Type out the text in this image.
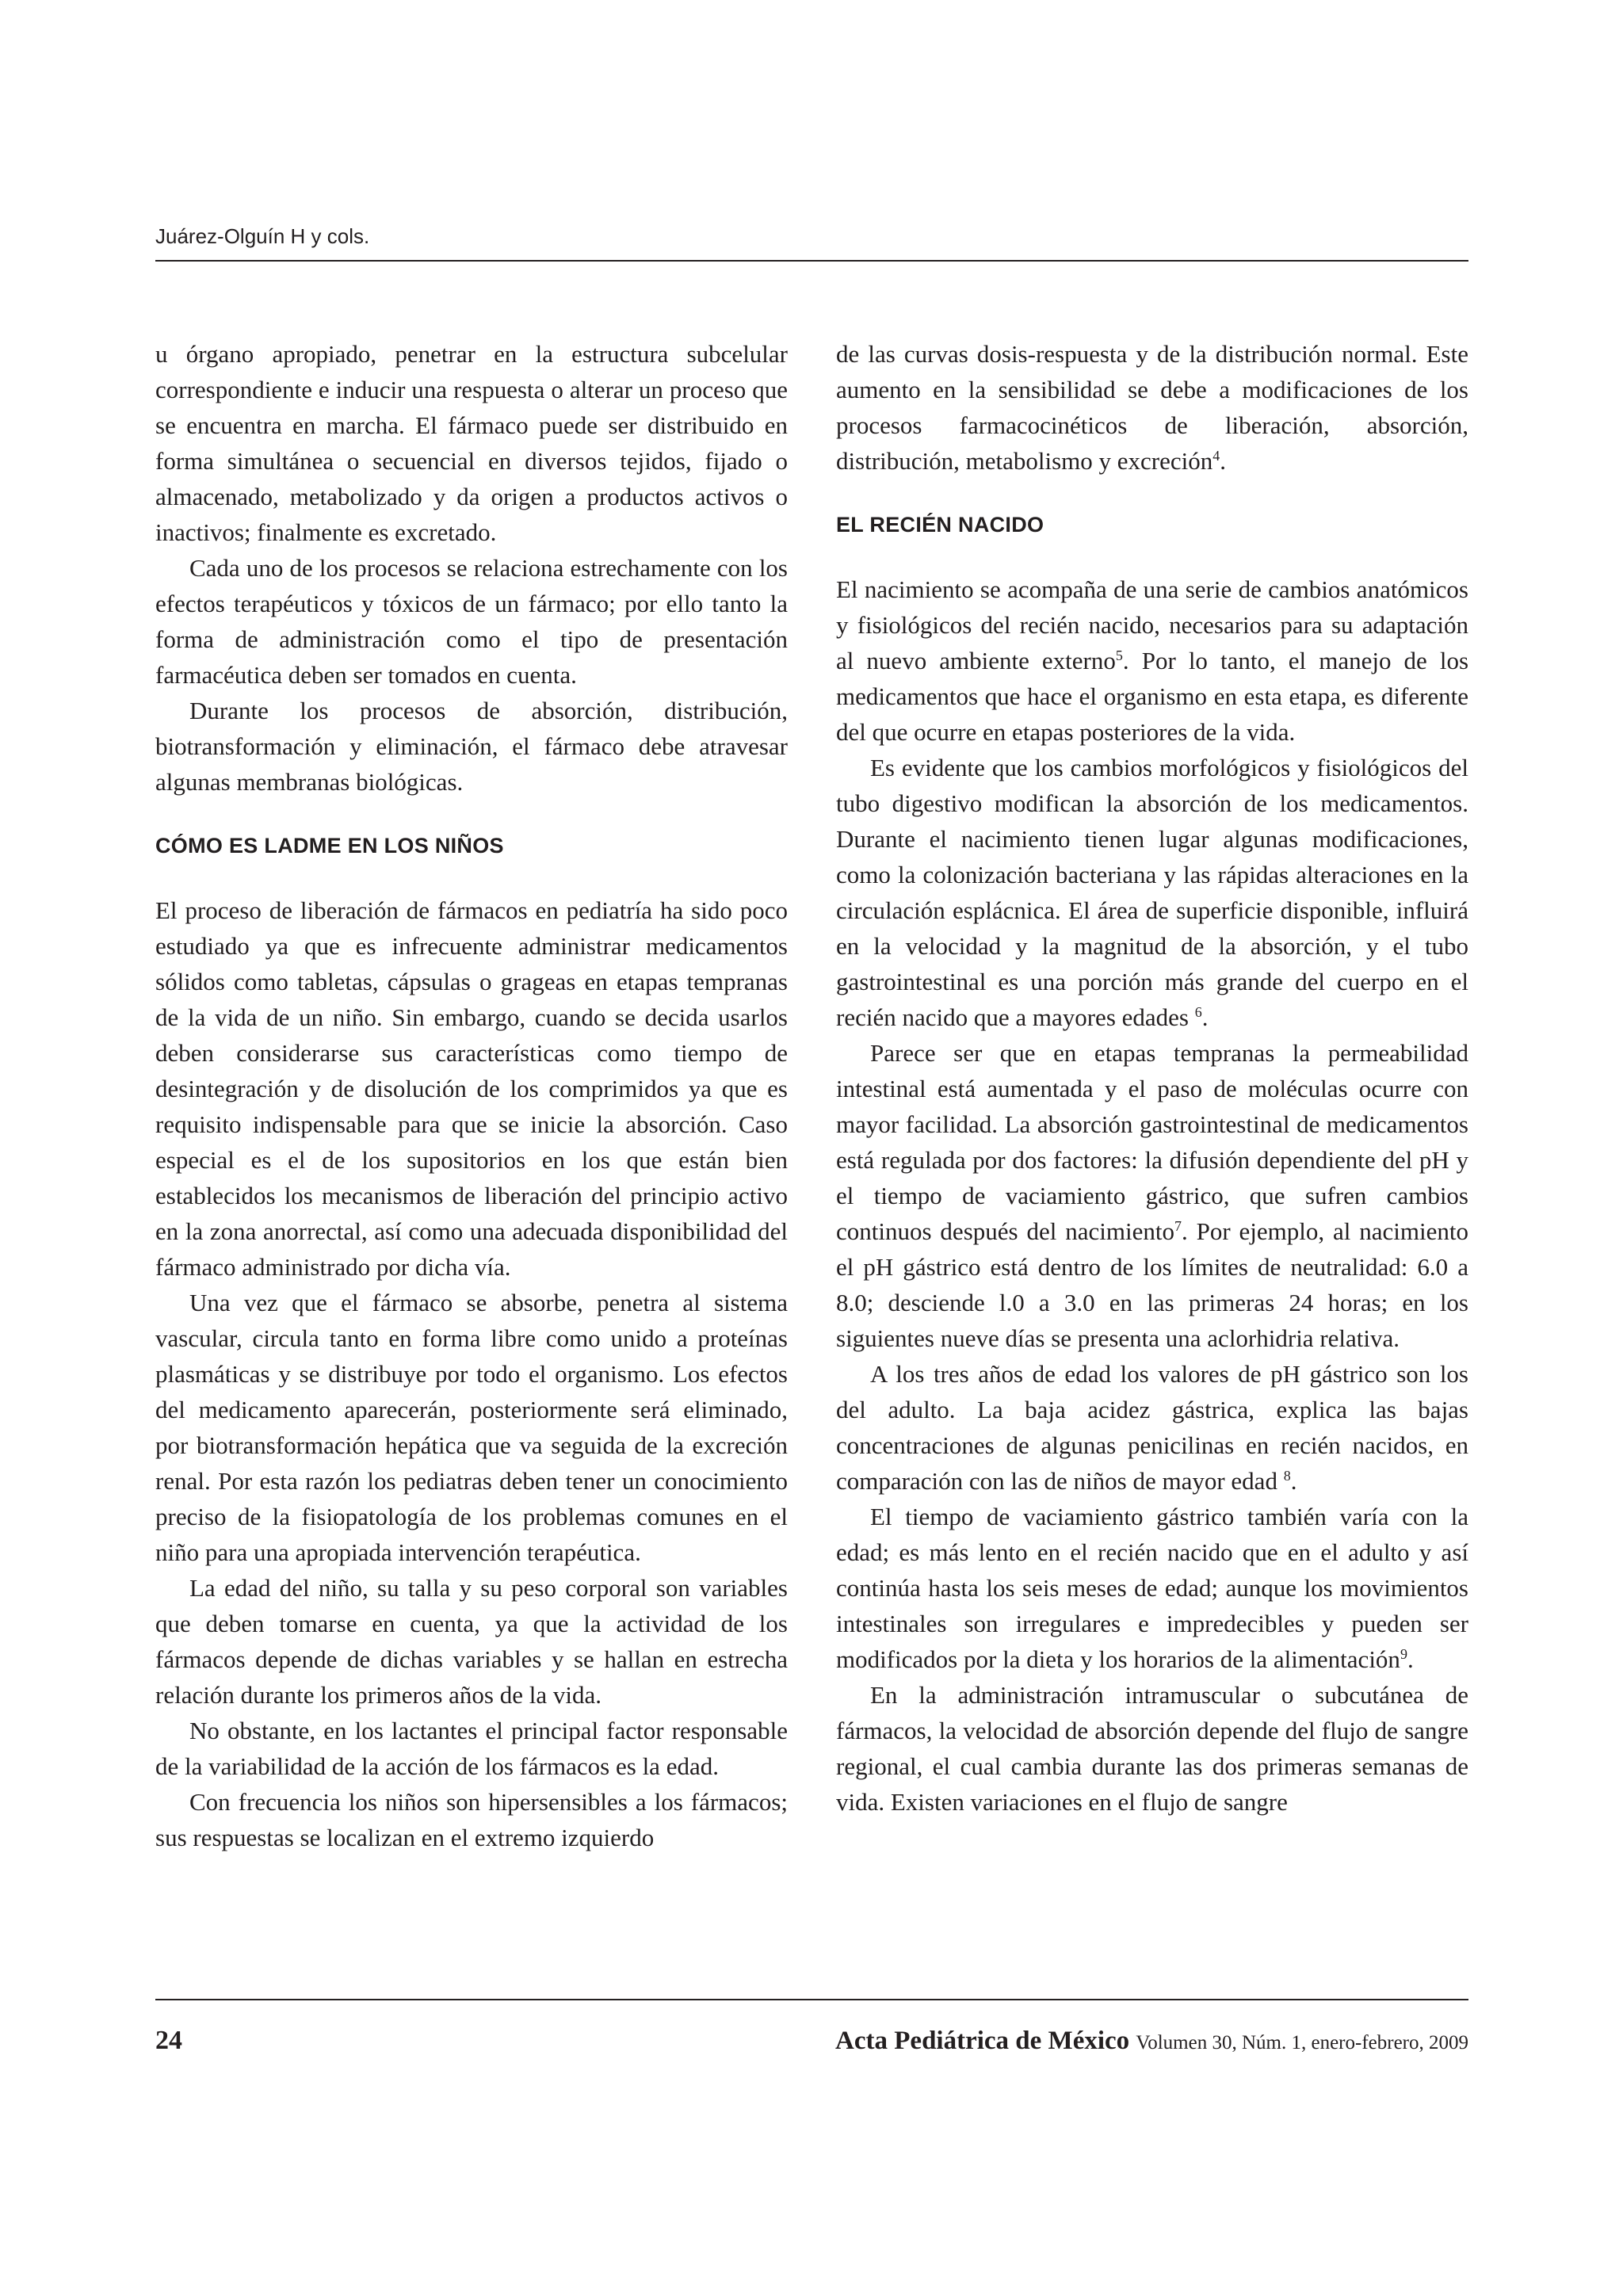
Juárez-Olguín H y cols.

u órgano apropiado, penetrar en la estructura subcelular correspondiente e inducir una respuesta o alterar un proceso que se encuentra en marcha. El fármaco puede ser distribuido en forma simultánea o secuencial en diversos tejidos, fijado o almacenado, metabolizado y da origen a productos activos o inactivos; finalmente es excretado.

Cada uno de los procesos se relaciona estrechamente con los efectos terapéuticos y tóxicos de un fármaco; por ello tanto la forma de administración como el tipo de presentación farmacéutica deben ser tomados en cuenta.

Durante los procesos de absorción, distribución, biotransformación y eliminación, el fármaco debe atravesar algunas membranas biológicas.

CÓMO ES LADME EN LOS NIÑOS

El proceso de liberación de fármacos en pediatría ha sido poco estudiado ya que es infrecuente administrar medicamentos sólidos como tabletas, cápsulas o grageas en etapas tempranas de la vida de un niño. Sin embargo, cuando se decida usarlos deben considerarse sus características como tiempo de desintegración y de disolución de los comprimidos ya que es requisito indispensable para que se inicie la absorción. Caso especial es el de los supositorios en los que están bien establecidos los mecanismos de liberación del principio activo en la zona anorrectal, así como una adecuada disponibilidad del fármaco administrado por dicha vía.

Una vez que el fármaco se absorbe, penetra al sistema vascular, circula tanto en forma libre como unido a proteínas plasmáticas y se distribuye por todo el organismo. Los efectos del medicamento aparecerán, posteriormente será eliminado, por biotransformación hepática que va seguida de la excreción renal. Por esta razón los pediatras deben tener un conocimiento preciso de la fisiopatología de los problemas comunes en el niño para una apropiada intervención terapéutica.

La edad del niño, su talla y su peso corporal son variables que deben tomarse en cuenta, ya que la actividad de los fármacos depende de dichas variables y se hallan en estrecha relación durante los primeros años de la vida.

No obstante, en los lactantes el principal factor responsable de la variabilidad de la acción de los fármacos es la edad.

Con frecuencia los niños son hipersensibles a los fármacos; sus respuestas se localizan en el extremo izquierdo

de las curvas dosis-respuesta y de la distribución normal. Este aumento en la sensibilidad se debe a modificaciones de los procesos farmacocinéticos de liberación, absorción, distribución, metabolismo y excreción$^4$.

EL RECIÉN NACIDO

El nacimiento se acompaña de una serie de cambios anatómicos y fisiológicos del recién nacido, necesarios para su adaptación al nuevo ambiente externo$^5$. Por lo tanto, el manejo de los medicamentos que hace el organismo en esta etapa, es diferente del que ocurre en etapas posteriores de la vida.

Es evidente que los cambios morfológicos y fisiológicos del tubo digestivo modifican la absorción de los medicamentos. Durante el nacimiento tienen lugar algunas modificaciones, como la colonización bacteriana y las rápidas alteraciones en la circulación esplácnica. El área de superficie disponible, influirá en la velocidad y la magnitud de la absorción, y el tubo gastrointestinal es una porción más grande del cuerpo en el recién nacido que a mayores edades $^6$.

Parece ser que en etapas tempranas la permeabilidad intestinal está aumentada y el paso de moléculas ocurre con mayor facilidad. La absorción gastrointestinal de medicamentos está regulada por dos factores: la difusión dependiente del pH y el tiempo de vaciamiento gástrico, que sufren cambios continuos después del nacimiento$^7$. Por ejemplo, al nacimiento el pH gástrico está dentro de los límites de neutralidad: 6.0 a 8.0; desciende l.0 a 3.0 en las primeras 24 horas; en los siguientes nueve días se presenta una aclorhidria relativa.

A los tres años de edad los valores de pH gástrico son los del adulto. La baja acidez gástrica, explica las bajas concentraciones de algunas penicilinas en recién nacidos, en comparación con las de niños de mayor edad $^8$.

El tiempo de vaciamiento gástrico también varía con la edad; es más lento en el recién nacido que en el adulto y así continúa hasta los seis meses de edad; aunque los movimientos intestinales son irregulares e impredecibles y pueden ser modificados por la dieta y los horarios de la alimentación$^9$.

En la administración intramuscular o subcutánea de fármacos, la velocidad de absorción depende del flujo de sangre regional, el cual cambia durante las dos primeras semanas de vida. Existen variaciones en el flujo de sangre

24	Acta Pediátrica de México Volumen 30, Núm. 1, enero-febrero, 2009
